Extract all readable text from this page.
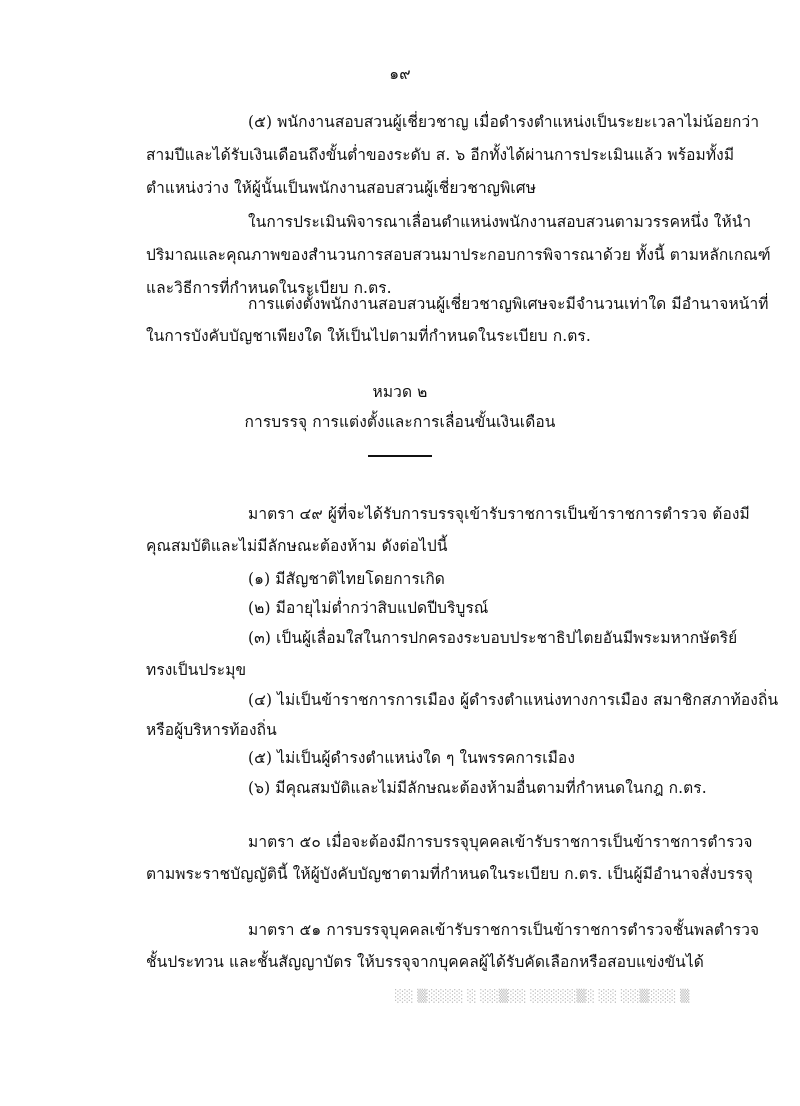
๑๙
(๕) พนักงานสอบสวนผู้เชี่ยวชาญ เมื่อดำรงตำแหน่งเป็นระยะเวลาไม่น้อยกว่า
สามปีและได้รับเงินเดือนถึงขั้นต่ำของระดับ ส. ๖ อีกทั้งได้ผ่านการประเมินแล้ว พร้อมทั้งมี
ตำแหน่งว่าง ให้ผู้นั้นเป็นพนักงานสอบสวนผู้เชี่ยวชาญพิเศษ
ในการประเมินพิจารณาเลื่อนตำแหน่งพนักงานสอบสวนตามวรรคหนึ่ง ให้นำ
ปริมาณและคุณภาพของสำนวนการสอบสวนมาประกอบการพิจารณาด้วย ทั้งนี้ ตามหลักเกณฑ์
และวิธีการที่กำหนดในระเบียบ ก.ตร.
การแต่งตั้งพนักงานสอบสวนผู้เชี่ยวชาญพิเศษจะมีจำนวนเท่าใด มีอำนาจหน้าที่
ในการบังคับบัญชาเพียงใด ให้เป็นไปตามที่กำหนดในระเบียบ ก.ตร.
หมวด ๒
การบรรจุ การแต่งตั้งและการเลื่อนขั้นเงินเดือน
มาตรา ๔๙ ผู้ที่จะได้รับการบรรจุเข้ารับราชการเป็นข้าราชการตำรวจ ต้องมี
คุณสมบัติและไม่มีลักษณะต้องห้าม ดังต่อไปนี้
(๑) มีสัญชาติไทยโดยการเกิด
(๒) มีอายุไม่ต่ำกว่าสิบแปดปีบริบูรณ์
(๓) เป็นผู้เลื่อมใสในการปกครองระบอบประชาธิปไตยอันมีพระมหากษัตริย์
ทรงเป็นประมุข
(๔) ไม่เป็นข้าราชการการเมือง ผู้ดำรงตำแหน่งทางการเมือง สมาชิกสภาท้องถิ่น
หรือผู้บริหารท้องถิ่น
(๕) ไม่เป็นผู้ดำรงตำแหน่งใด ๆ ในพรรคการเมือง
(๖) มีคุณสมบัติและไม่มีลักษณะต้องห้ามอื่นตามที่กำหนดในกฎ ก.ตร.
มาตรา ๕๐ เมื่อจะต้องมีการบรรจุบุคคลเข้ารับราชการเป็นข้าราชการตำรวจ
ตามพระราชบัญญัตินี้ ให้ผู้บังคับบัญชาตามที่กำหนดในระเบียบ ก.ตร. เป็นผู้มีอำนาจสั่งบรรจุ
มาตรา ๕๑ การบรรจุบุคคลเข้ารับราชการเป็นข้าราชการตำรวจชั้นพลตำรวจ
ชั้นประทวน และชั้นสัญญาบัตร ให้บรรจุจากบุคคลผู้ได้รับคัดเลือกหรือสอบแข่งขันได้
░░ ▒░░░░ ░ ░░▒░░ ░░░░░▒░ ░░ ░░▒░░░ ▒
